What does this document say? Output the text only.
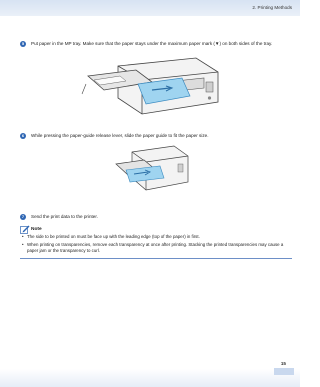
2. Printing Methods
5	Put paper in the MP tray. Make sure that the paper stays under the maximum paper mark (▼) on both sides of the tray.
6	While pressing the paper-guide release lever, slide the paper guide to fit the paper size.
7	Send the print data to the printer.
Note
• The side to be printed on must be face up with the leading edge (top of the paper) in first.
• When printing on transparencies, remove each transparency at once after printing. Stacking the printed transparencies may cause a paper jam or the transparency to curl.
15
